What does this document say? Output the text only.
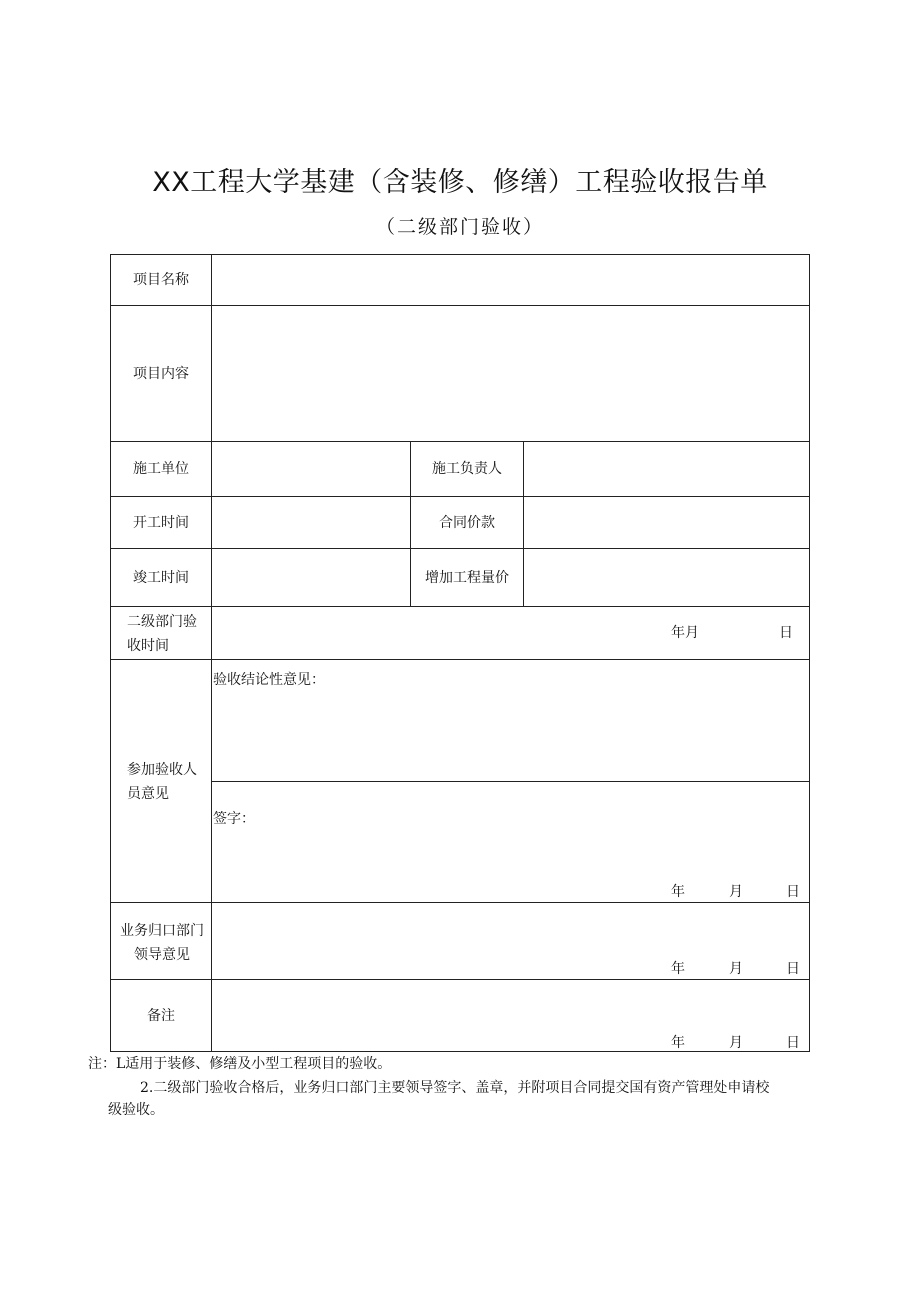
XX工程大学基建（含装修、修缮）工程验收报告单
（二级部门验收）
项目名称
项目内容
施工单位	施工负责人
开工时间	合同价款
竣工时间	增加工程量价
二级部门验
收时间
年月	日
参加验收人
员意见
验收结论性意见：
签字：
年	月	日
业务归口部门
领导意见
年	月	日
备注
年	月	日
注：L适用于装修、修缮及小型工程项目的验收。
2.二级部门验收合格后，业务归口部门主要领导签字、盖章，并附项目合同提交国有资产管理处申请校
级验收。
